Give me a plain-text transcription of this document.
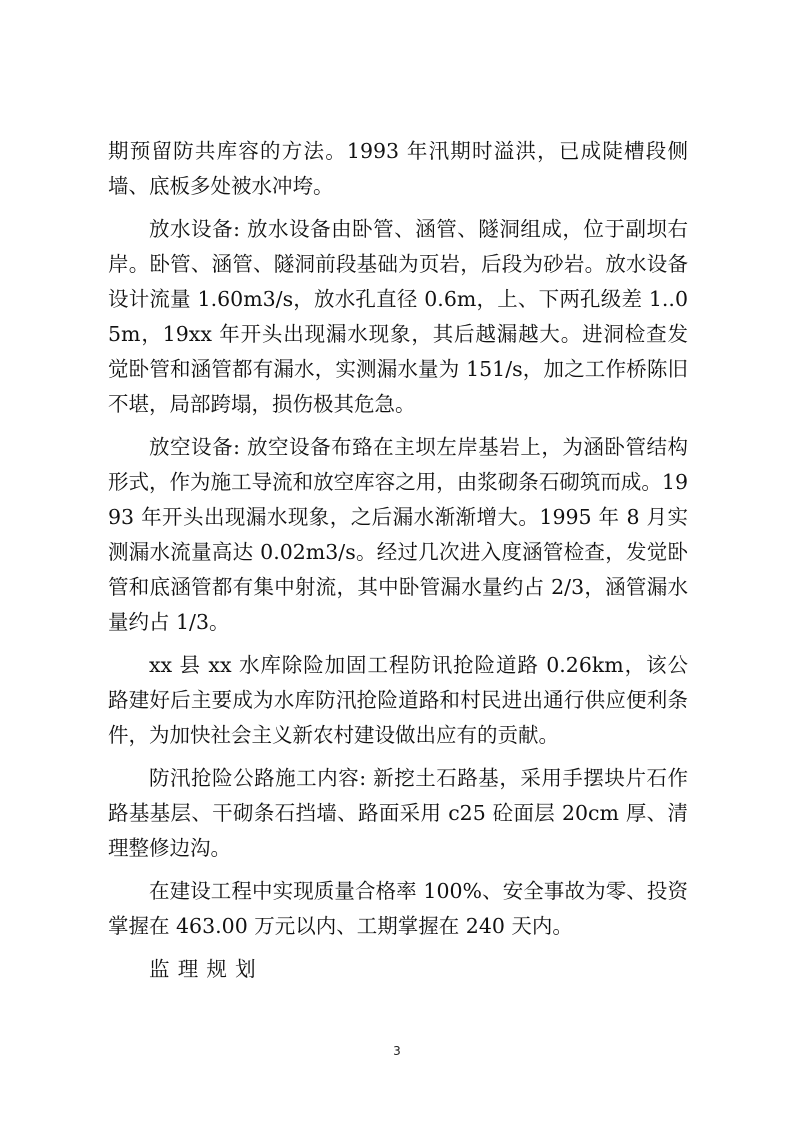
期预留防共库容的方法。1993 年汛期时溢洪，已成陡槽段侧墙、底板多处被水冲垮。

放水设备: 放水设备由卧管、涵管、隧洞组成，位于副坝右岸。卧管、涵管、隧洞前段基础为页岩，后段为砂岩。放水设备设计流量 1.60m3/s，放水孔直径 0.6m，上、下两孔级差 1..05m，19xx 年开头出现漏水现象，其后越漏越大。进洞检查发觉卧管和涵管都有漏水，实测漏水量为 151/s，加之工作桥陈旧不堪，局部跨塌，损伤极其危急。

放空设备: 放空设备布臵在主坝左岸基岩上，为涵卧管结构形式，作为施工导流和放空库容之用，由浆砌条石砌筑而成。1993 年开头出现漏水现象，之后漏水渐渐增大。1995 年 8 月实测漏水流量高达 0.02m3/s。经过几次进入度涵管检查，发觉卧管和底涵管都有集中射流，其中卧管漏水量约占 2/3，涵管漏水量约占 1/3。

xx 县 xx 水库除险加固工程防讯抢险道路 0.26km，该公路建好后主要成为水库防汛抢险道路和村民进出通行供应便利条件，为加快社会主义新农村建设做出应有的贡献。

防汛抢险公路施工内容: 新挖土石路基，采用手摆块片石作路基基层、干砌条石挡墙、路面采用 c25 砼面层 20cm 厚、清理整修边沟。

在建设工程中实现质量合格率 100%、安全事故为零、投资掌握在 463.00 万元以内、工期掌握在 240 天内。

监理规划
3
